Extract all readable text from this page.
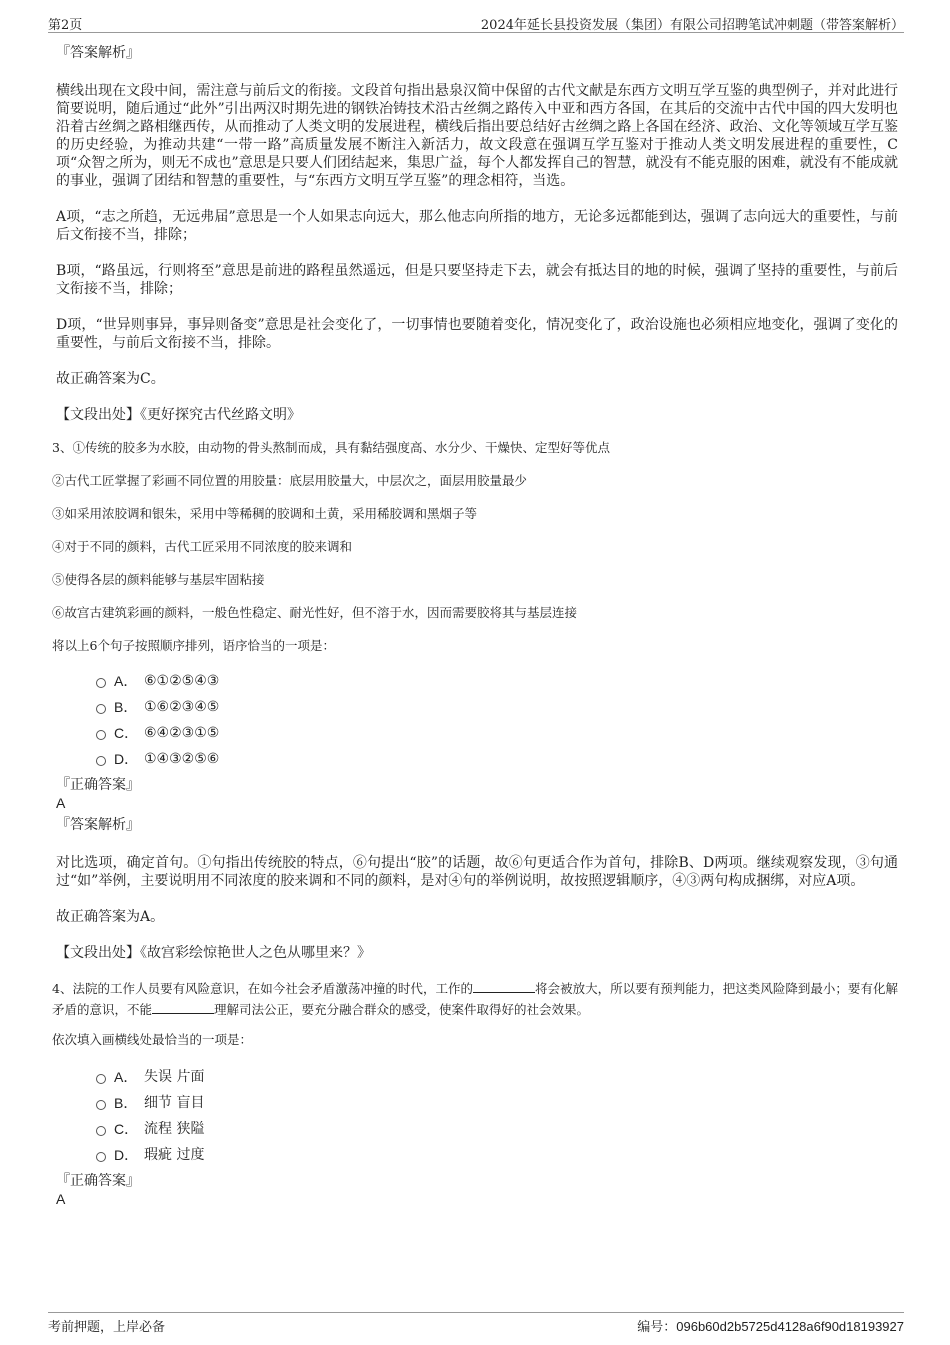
第2页	2024年延长县投资发展（集团）有限公司招聘笔试冲刺题（带答案解析）

『答案解析』

横线出现在文段中间，需注意与前后文的衔接。文段首句指出悬泉汉简中保留的古代文献是东西方文明互学互鉴的典型例子，并对此进行简要说明，随后通过“此外”引出两汉时期先进的钢铁冶铸技术沿古丝绸之路传入中亚和西方各国，在其后的交流中古代中国的四大发明也沿着古丝绸之路相继西传，从而推动了人类文明的发展进程，横线后指出要总结好古丝绸之路上各国在经济、政治、文化等领域互学互鉴的历史经验，为推动共建“一带一路”高质量发展不断注入新活力，故文段意在强调互学互鉴对于推动人类文明发展进程的重要性，C项“众智之所为，则无不成也”意思是只要人们团结起来，集思广益，每个人都发挥自己的智慧，就没有不能克服的困难，就没有不能成就的事业，强调了团结和智慧的重要性，与“东西方文明互学互鉴”的理念相符，当选。

A项，“志之所趋，无远弗届”意思是一个人如果志向远大，那么他志向所指的地方，无论多远都能到达，强调了志向远大的重要性，与前后文衔接不当，排除；

B项，“路虽远，行则将至”意思是前进的路程虽然遥远，但是只要坚持走下去，就会有抵达目的地的时候，强调了坚持的重要性，与前后文衔接不当，排除；

D项，“世异则事异，事异则备变”意思是社会变化了，一切事情也要随着变化，情况变化了，政治设施也必须相应地变化，强调了变化的重要性，与前后文衔接不当，排除。

故正确答案为C。

【文段出处】《更好探究古代丝路文明》

3、①传统的胶多为水胶，由动物的骨头熬制而成，具有黏结强度高、水分少、干燥快、定型好等优点

②古代工匠掌握了彩画不同位置的用胶量：底层用胶量大，中层次之，面层用胶量最少

③如采用浓胶调和银朱，采用中等稀稠的胶调和土黄，采用稀胶调和黑烟子等

④对于不同的颜料，古代工匠采用不同浓度的胶来调和

⑤使得各层的颜料能够与基层牢固粘接

⑥故宫古建筑彩画的颜料，一般色性稳定、耐光性好，但不溶于水，因而需要胶将其与基层连接

将以上6个句子按照顺序排列，语序恰当的一项是：

A． ⑥①②⑤④③
B． ①⑥②③④⑤
C． ⑥④②③①⑤
D． ①④③②⑤⑥

『正确答案』

A

『答案解析』

对比选项，确定首句。①句指出传统胶的特点，⑥句提出“胶”的话题，故⑥句更适合作为首句，排除B、D两项。继续观察发现，③句通过“如”举例，主要说明用不同浓度的胶来调和不同的颜料，是对④句的举例说明，故按照逻辑顺序，④③两句构成捆绑，对应A项。

故正确答案为A。

【文段出处】《故宫彩绘惊艳世人之色从哪里来？》

4、法院的工作人员要有风险意识，在如今社会矛盾激荡冲撞的时代，工作的	将会被放大，所以要有预判能力，把这类风险降到最小；要有化解矛盾的意识，不能	理解司法公正，要充分融合群众的感受，使案件取得好的社会效果。

依次填入画横线处最恰当的一项是：

A． 失误 片面
B． 细节 盲目
C． 流程 狭隘
D． 瑕疵 过度

『正确答案』

A

考前押题，上岸必备	编号：096b60d2b5725d4128a6f90d18193927
